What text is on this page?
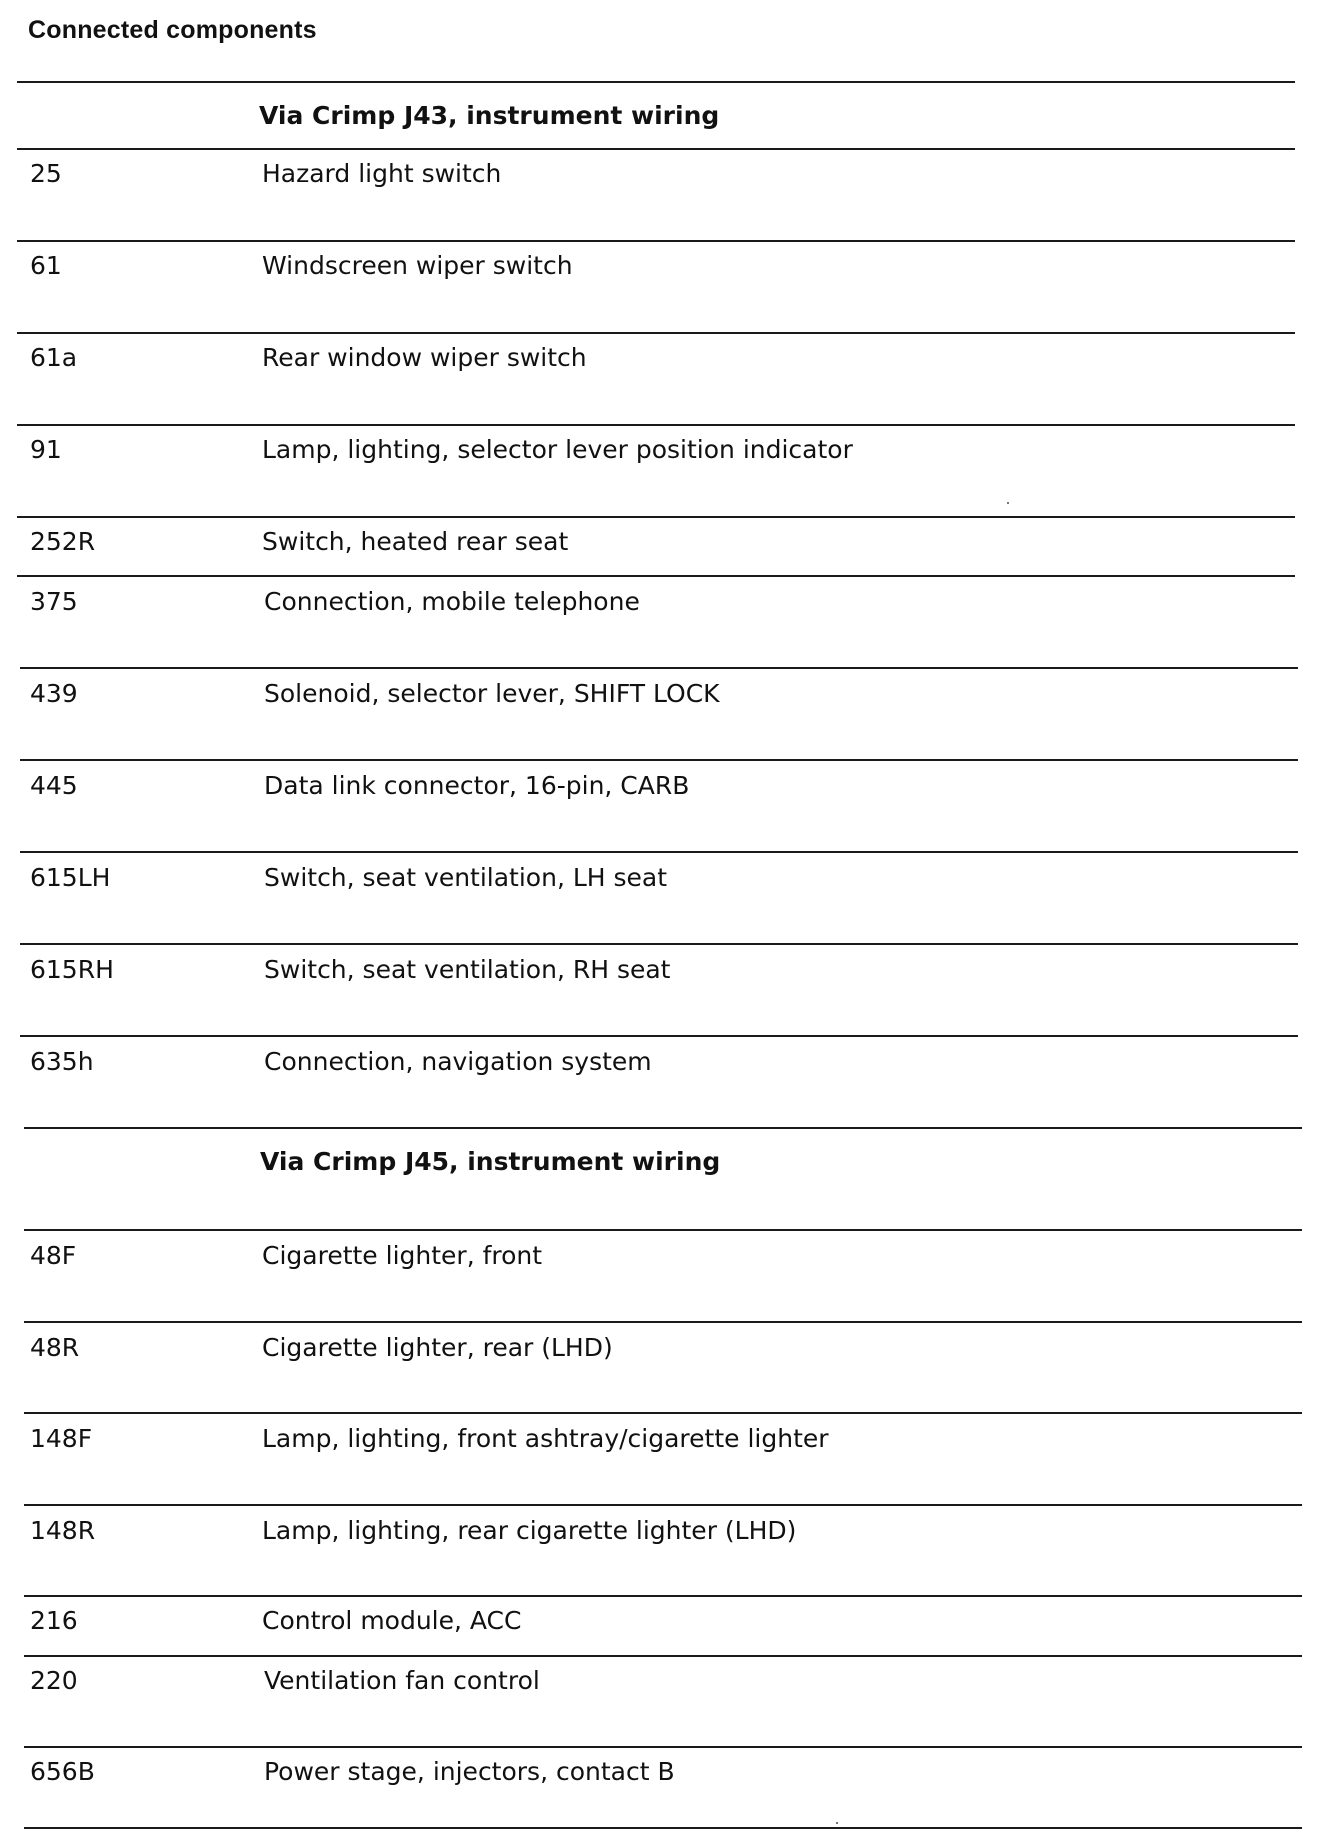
Connected components
Via Crimp J43, instrument wiring
25	Hazard light switch
61	Windscreen wiper switch
61a	Rear window wiper switch
91	Lamp, lighting, selector lever position indicator
252R	Switch, heated rear seat
375	Connection, mobile telephone
439	Solenoid, selector lever, SHIFT LOCK
445	Data link connector, 16-pin, CARB
615LH	Switch, seat ventilation, LH seat
615RH	Switch, seat ventilation, RH seat
635h	Connection, navigation system
Via Crimp J45, instrument wiring
48F	Cigarette lighter, front
48R	Cigarette lighter, rear (LHD)
148F	Lamp, lighting, front ashtray/cigarette lighter
148R	Lamp, lighting, rear cigarette lighter (LHD)
216	Control module, ACC
220	Ventilation fan control
656B	Power stage, injectors, contact B
